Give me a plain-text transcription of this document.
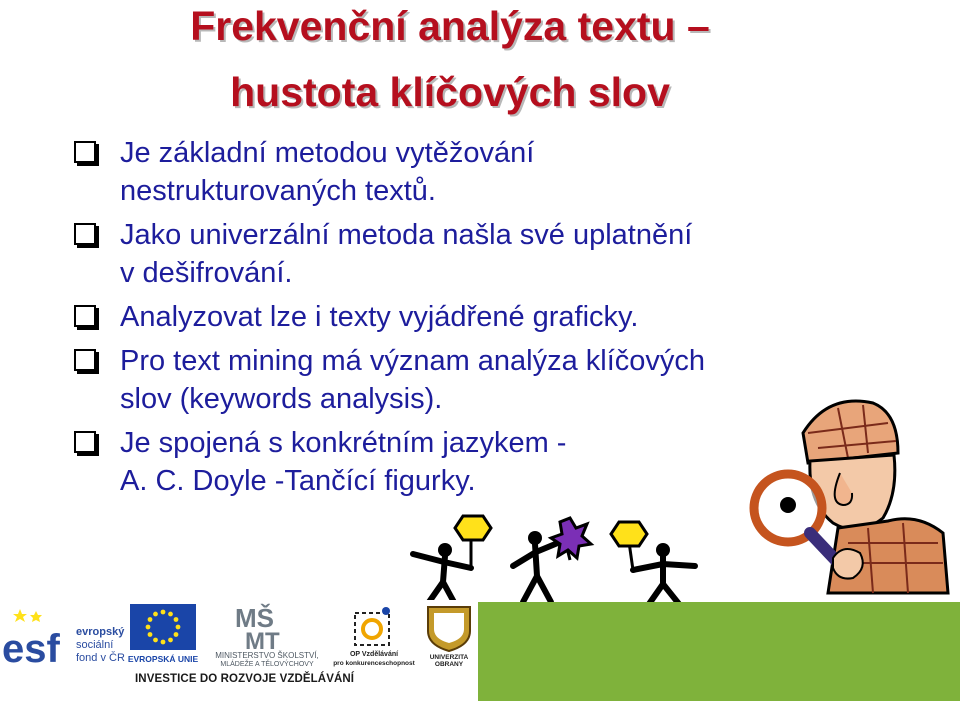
Frekvenční analýza textu –
hustota klíčových slov
Je základní metodou vytěžování
nestrukturovaných textů.
Jako univerzální metoda našla své uplatnění
v dešifrování.
Analyzovat lze i texty vyjádřené graficky.
Pro text mining má význam analýza klíčových
slov (keywords analysis).
Je spojená s konkrétním jazykem -
A. C. Doyle -Tančící figurky.
esf evropský
sociální
fond v ČR EVROPSKÁ UNIE
MŠ
MT
MINISTERSTVO ŠKOLSTVÍ,
MLÁDEŽE A TĚLOVÝCHOVY
OP Vzdělávání
pro konkurenceschopnost
UNIVERZITA
OBRANY
INVESTICE DO ROZVOJE VZDĚLÁVÁNÍ
